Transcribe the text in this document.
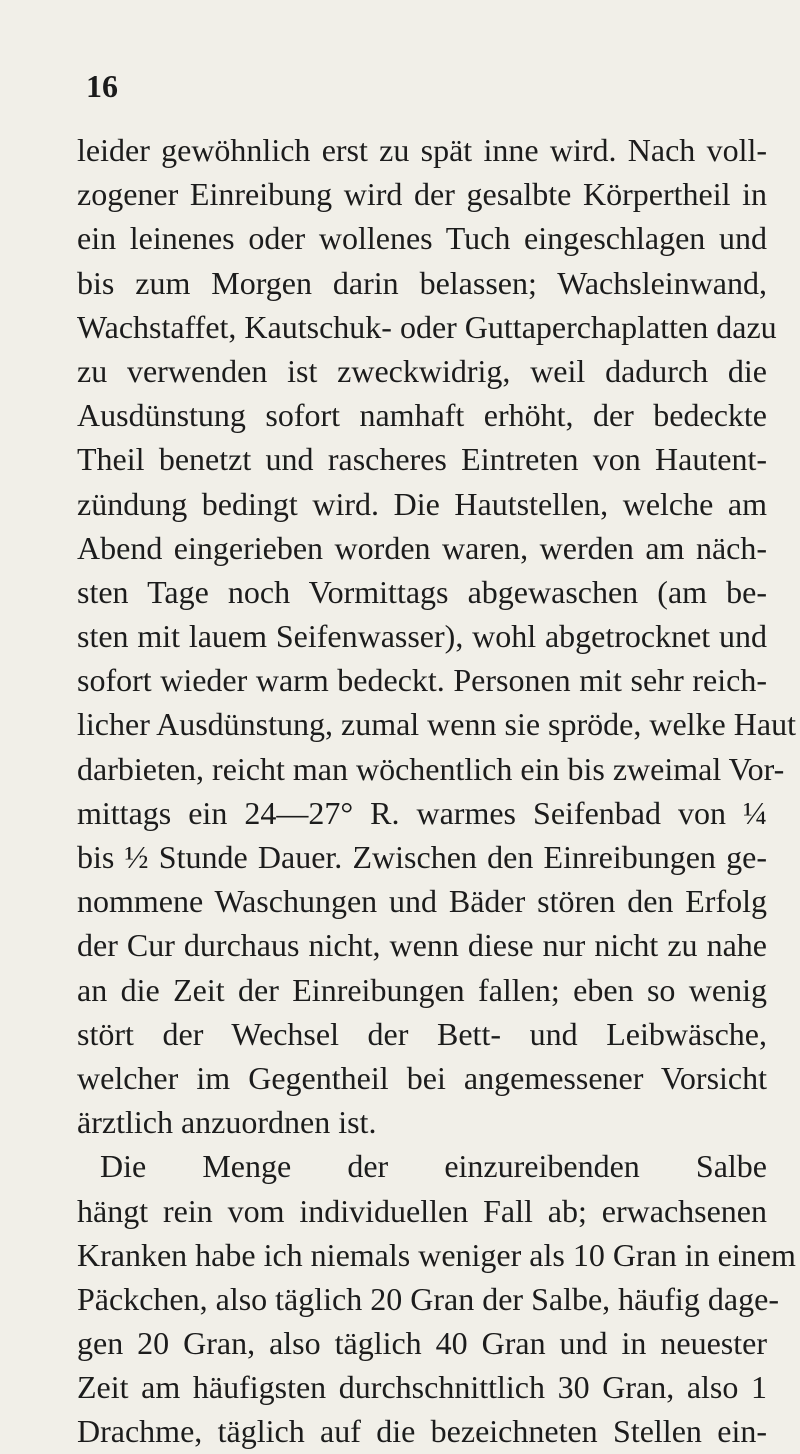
16
leider gewöhnlich erst zu spät inne wird. Nach voll-
zogener Einreibung wird der gesalbte Körpertheil in
ein leinenes oder wollenes Tuch eingeschlagen und
bis zum Morgen darin belassen; Wachsleinwand,
Wachstaffet, Kautschuk- oder Guttaperchaplatten dazu
zu verwenden ist zweckwidrig, weil dadurch die
Ausdünstung sofort namhaft erhöht, der bedeckte
Theil benetzt und rascheres Eintreten von Hautent-
zündung bedingt wird. Die Hautstellen, welche am
Abend eingerieben worden waren, werden am näch-
sten Tage noch Vormittags abgewaschen (am be-
sten mit lauem Seifenwasser), wohl abgetrocknet und
sofort wieder warm bedeckt. Personen mit sehr reich-
licher Ausdünstung, zumal wenn sie spröde, welke Haut
darbieten, reicht man wöchentlich ein bis zweimal Vor-
mittags ein 24—27° R. warmes Seifenbad von ¼
bis ½ Stunde Dauer. Zwischen den Einreibungen ge-
nommene Waschungen und Bäder stören den Erfolg
der Cur durchaus nicht, wenn diese nur nicht zu nahe
an die Zeit der Einreibungen fallen; eben so wenig
stört der Wechsel der Bett- und Leibwäsche,
welcher im Gegentheil bei angemessener Vorsicht
ärztlich anzuordnen ist.
Die Menge der einzureibenden Salbe
hängt rein vom individuellen Fall ab; erwachsenen
Kranken habe ich niemals weniger als 10 Gran in einem
Päckchen, also täglich 20 Gran der Salbe, häufig dage-
gen 20 Gran, also täglich 40 Gran und in neuester
Zeit am häufigsten durchschnittlich 30 Gran, also 1
Drachme, täglich auf die bezeichneten Stellen ein-
